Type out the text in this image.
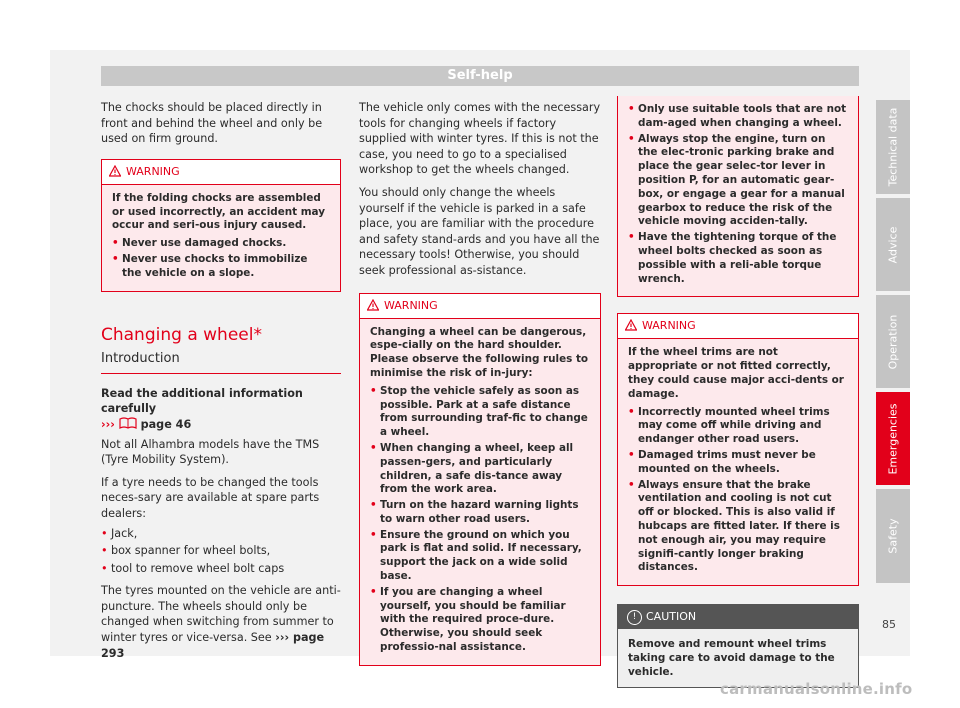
Self-help

The chocks should be placed directly in front and behind the wheel and only be used on firm ground.

WARNING

If the folding chocks are assembled or used incorrectly, an accident may occur and seri-ous injury caused.

• Never use damaged chocks.
• Never use chocks to immobilize the vehicle on a slope.
Changing a wheel*
Introduction

Read the additional information carefully
›››  page 46

Not all Alhambra models have the TMS (Tyre Mobility System).

If a tyre needs to be changed the tools neces-sary are available at spare parts dealers:

• Jack,
• box spanner for wheel bolts,
• tool to remove wheel bolt caps

The tyres mounted on the vehicle are anti-puncture. The wheels should only be changed when switching from summer to winter tyres or vice-versa. See ››› page 293

The vehicle only comes with the necessary tools for changing wheels if factory supplied with winter tyres. If this is not the case, you need to go to a specialised workshop to get the wheels changed.

You should only change the wheels yourself if the vehicle is parked in a safe place, you are familiar with the procedure and safety stand-ards and you have all the necessary tools! Otherwise, you should seek professional as-sistance.

WARNING

Changing a wheel can be dangerous, espe-cially on the hard shoulder. Please observe the following rules to minimise the risk of in-jury:

• Stop the vehicle safely as soon as possible. Park at a safe distance from surrounding traf-fic to change a wheel.
• When changing a wheel, keep all passen-gers, and particularly children, a safe dis-tance away from the work area.
• Turn on the hazard warning lights to warn other road users.
• Ensure the ground on which you park is flat and solid. If necessary, support the jack on a wide solid base.
• If you are changing a wheel yourself, you should be familiar with the required proce-dure. Otherwise, you should seek professio-nal assistance.
• Only use suitable tools that are not dam-aged when changing a wheel.
• Always stop the engine, turn on the elec-tronic parking brake and place the gear selec-tor lever in position P, for an automatic gear-box, or engage a gear for a manual gearbox to reduce the risk of the vehicle moving acciden-tally.
• Have the tightening torque of the wheel bolts checked as soon as possible with a reli-able torque wrench.
WARNING

If the wheel trims are not appropriate or not fitted correctly, they could cause major acci-dents or damage.

• Incorrectly mounted wheel trims may come off while driving and endanger other road users.
• Damaged trims must never be mounted on the wheels.
• Always ensure that the brake ventilation and cooling is not cut off or blocked. This is also valid if hubcaps are fitted later. If there is not enough air, you may require signifi-cantly longer braking distances.
! CAUTION
Remove and remount wheel trims taking care to avoid damage to the vehicle.
Technical data
Advice
Operation
Emergencies
Safety
85
carmanualsonline.info
